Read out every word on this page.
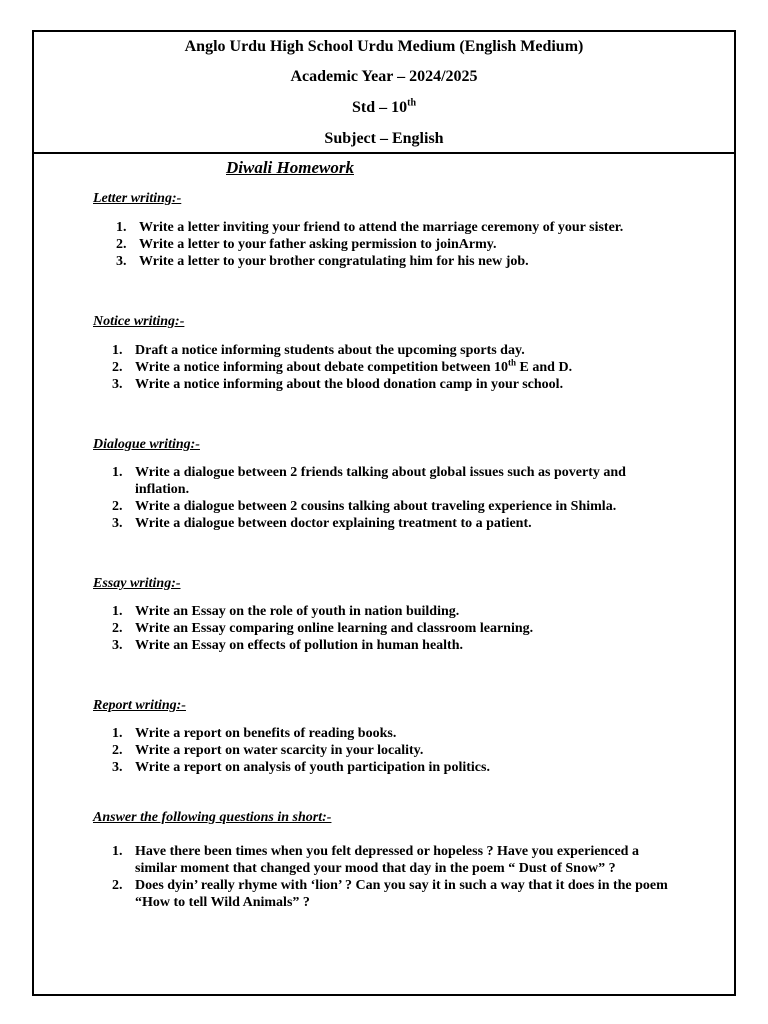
Anglo Urdu High School Urdu Medium (English Medium)
Academic Year – 2024/2025
Std – 10th
Subject – English
Diwali Homework
Letter writing:-
1. Write a letter inviting your friend to attend the marriage ceremony of your sister.
2. Write a letter to your father asking permission to joinArmy.
3. Write a letter to your brother congratulating him for his new job.
Notice writing:-
1. Draft a notice informing students about the upcoming sports day.
2. Write a notice informing about debate competition between 10th E and D.
3. Write a notice informing about the blood donation camp in your school.
Dialogue writing:-
1. Write a dialogue between 2 friends talking about global issues such as poverty and
inflation.
2. Write a dialogue between 2 cousins talking about traveling experience in Shimla.
3. Write a dialogue between doctor explaining treatment to a patient.
Essay writing:-
1. Write an Essay on the role of youth in nation building.
2. Write an Essay comparing online learning and classroom learning.
3. Write an Essay on effects of pollution in human health.
Report writing:-
1. Write a report on benefits of reading books.
2. Write a report on water scarcity in your locality.
3. Write a report on analysis of youth participation in politics.
Answer the following questions in short:-
1. Have there been times when you felt depressed or hopeless ? Have you experienced a
similar moment that changed your mood that day in the poem “ Dust of Snow” ?
2. Does dyin’ really rhyme with ‘lion’ ? Can you say it in such a way that it does in the poem
“How to tell Wild Animals” ?
